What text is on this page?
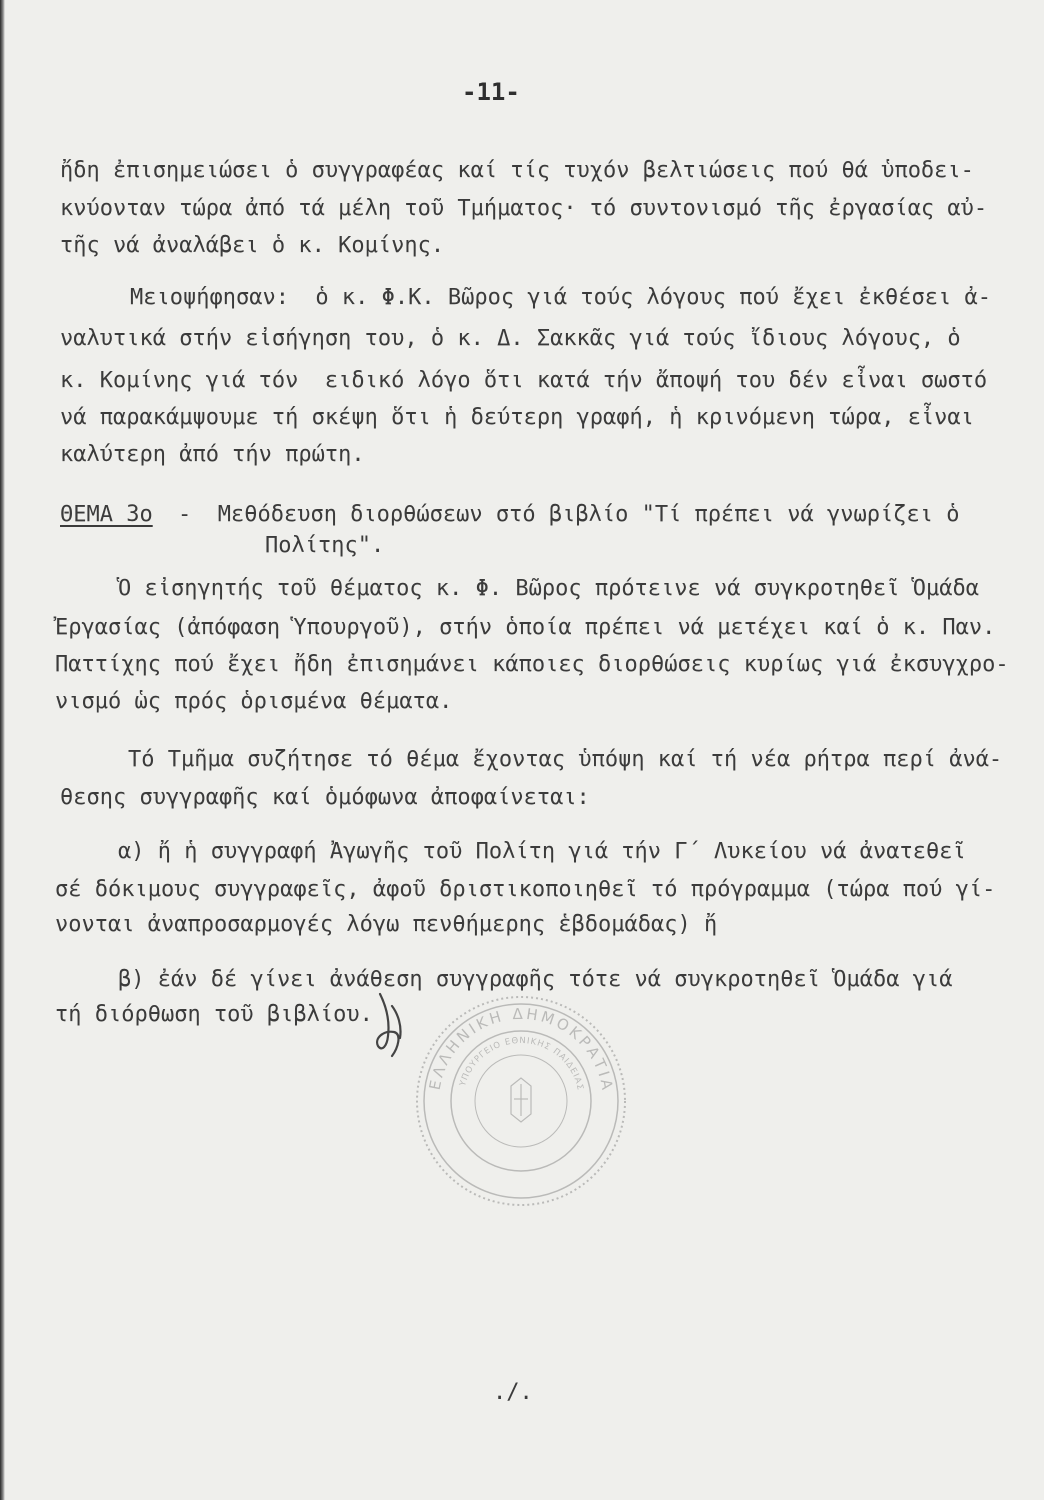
-11-
ἤδη ἐπισημειώσει ὁ συγγραφέας καί τίς τυχόν βελτιώσεις πού θά ὑποδει-
κνύονταν τώρα ἀπό τά μέλη τοῦ Τμήματος· τό συντονισμό τῆς ἐργασίας αὐ-
τῆς νά ἀναλάβει ὁ κ. Κομίνης.
Μειοψήφησαν:  ὁ κ. Φ.Κ. Βῶρος γιά τούς λόγους πού ἔχει ἐκθέσει ἀ-
ναλυτικά στήν εἰσήγηση του, ὁ κ. Δ. Σακκᾶς γιά τούς ἴδιους λόγους, ὁ
κ. Κομίνης γιά τόν  ειδικό λόγο ὅτι κατά τήν ἄποψή του δέν εἶναι σωστό
νά παρακάμψουμε τή σκέψη ὅτι ἡ δεύτερη γραφή, ἡ κρινόμενη τώρα, εἶναι
καλύτερη ἀπό τήν πρώτη.
ΘΕΜΑ 3ο -  Μεθόδευση διορθώσεων στό βιβλίο "Τί πρέπει νά γνωρίζει ὁ
Πολίτης".
Ὁ εἰσηγητής τοῦ θέματος κ. Φ. Βῶρος πρότεινε νά συγκροτηθεῖ Ὁμάδα
Ἐργασίας (ἀπόφαση Ὑπουργοῦ), στήν ὁποία πρέπει νά μετέχει καί ὁ κ. Παν.
Παττίχης πού ἔχει ἤδη ἐπισημάνει κάποιες διορθώσεις κυρίως γιά ἐκσυγχρο-
νισμό ὡς πρός ὁρισμένα θέματα.
Τό Τμῆμα συζήτησε τό θέμα ἔχοντας ὑπόψη καί τή νέα ρήτρα περί ἀνά-
θεσης συγγραφῆς καί ὁμόφωνα ἀποφαίνεται:
α) ἤ ἡ συγγραφή Ἀγωγῆς τοῦ Πολίτη γιά τήν Γ΄ Λυκείου νά ἀνατεθεῖ
σέ δόκιμους συγγραφεῖς, ἀφοῦ δριστικοποιηθεῖ τό πρόγραμμα (τώρα πού γί-
νονται ἀναπροσαρμογές λόγω πενθήμερης ἑβδομάδας) ἤ
β) ἐάν δέ γίνει ἀνάθεση συγγραφῆς τότε νά συγκροτηθεῖ Ὁμάδα γιά
τή διόρθωση τοῦ βιβλίου.
ΕΛΛΗΝΙΚΗ ΔΗΜΟΚΡΑΤΙΑ
ΥΠΟΥΡΓΕΙΟ ΕΘΝΙΚΗΣ ΠΑΙΔΕΙΑΣ
./.
